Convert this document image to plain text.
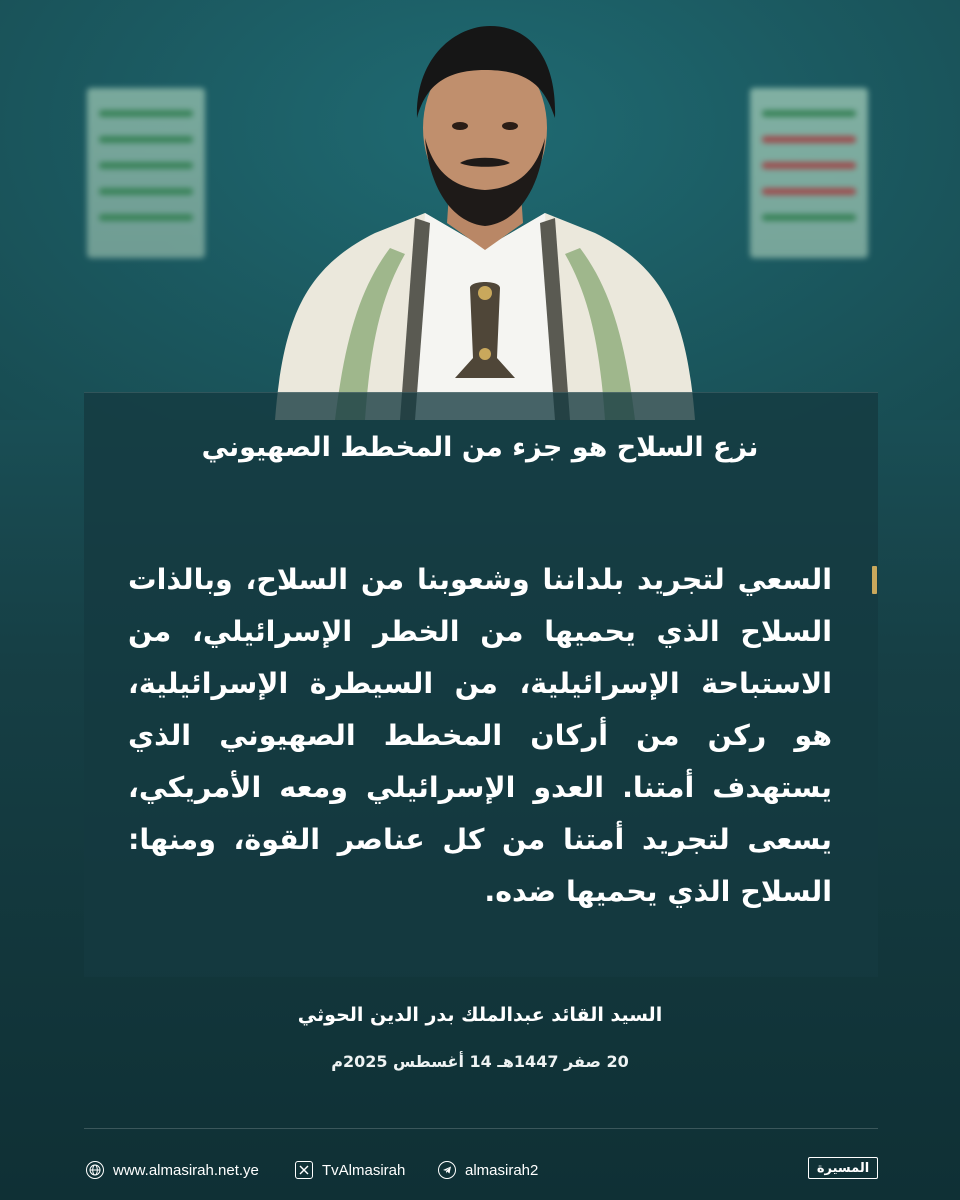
نزع السلاح هو جزء من المخطط الصهيوني
السعي لتجريد بلداننا وشعوبنا من السلاح، وبالذات السلاح الذي يحميها من الخطر الإسرائيلي، من الاستباحة الإسرائيلية، من السيطرة الإسرائيلية، هو ركن من أركان المخطط الصهيوني الذي يستهدف أمتنا. العدو الإسرائيلي ومعه الأمريكي، يسعى لتجريد أمتنا من كل عناصر القوة، ومنها: السلاح الذي يحميها ضده.
السيد القائد عبدالملك بدر الدين الحوثي
20 صفر 1447هـ 14 أغسطس 2025م
www.almasirah.net.ye	TvAlmasirah	almasirah2	المسيرة
